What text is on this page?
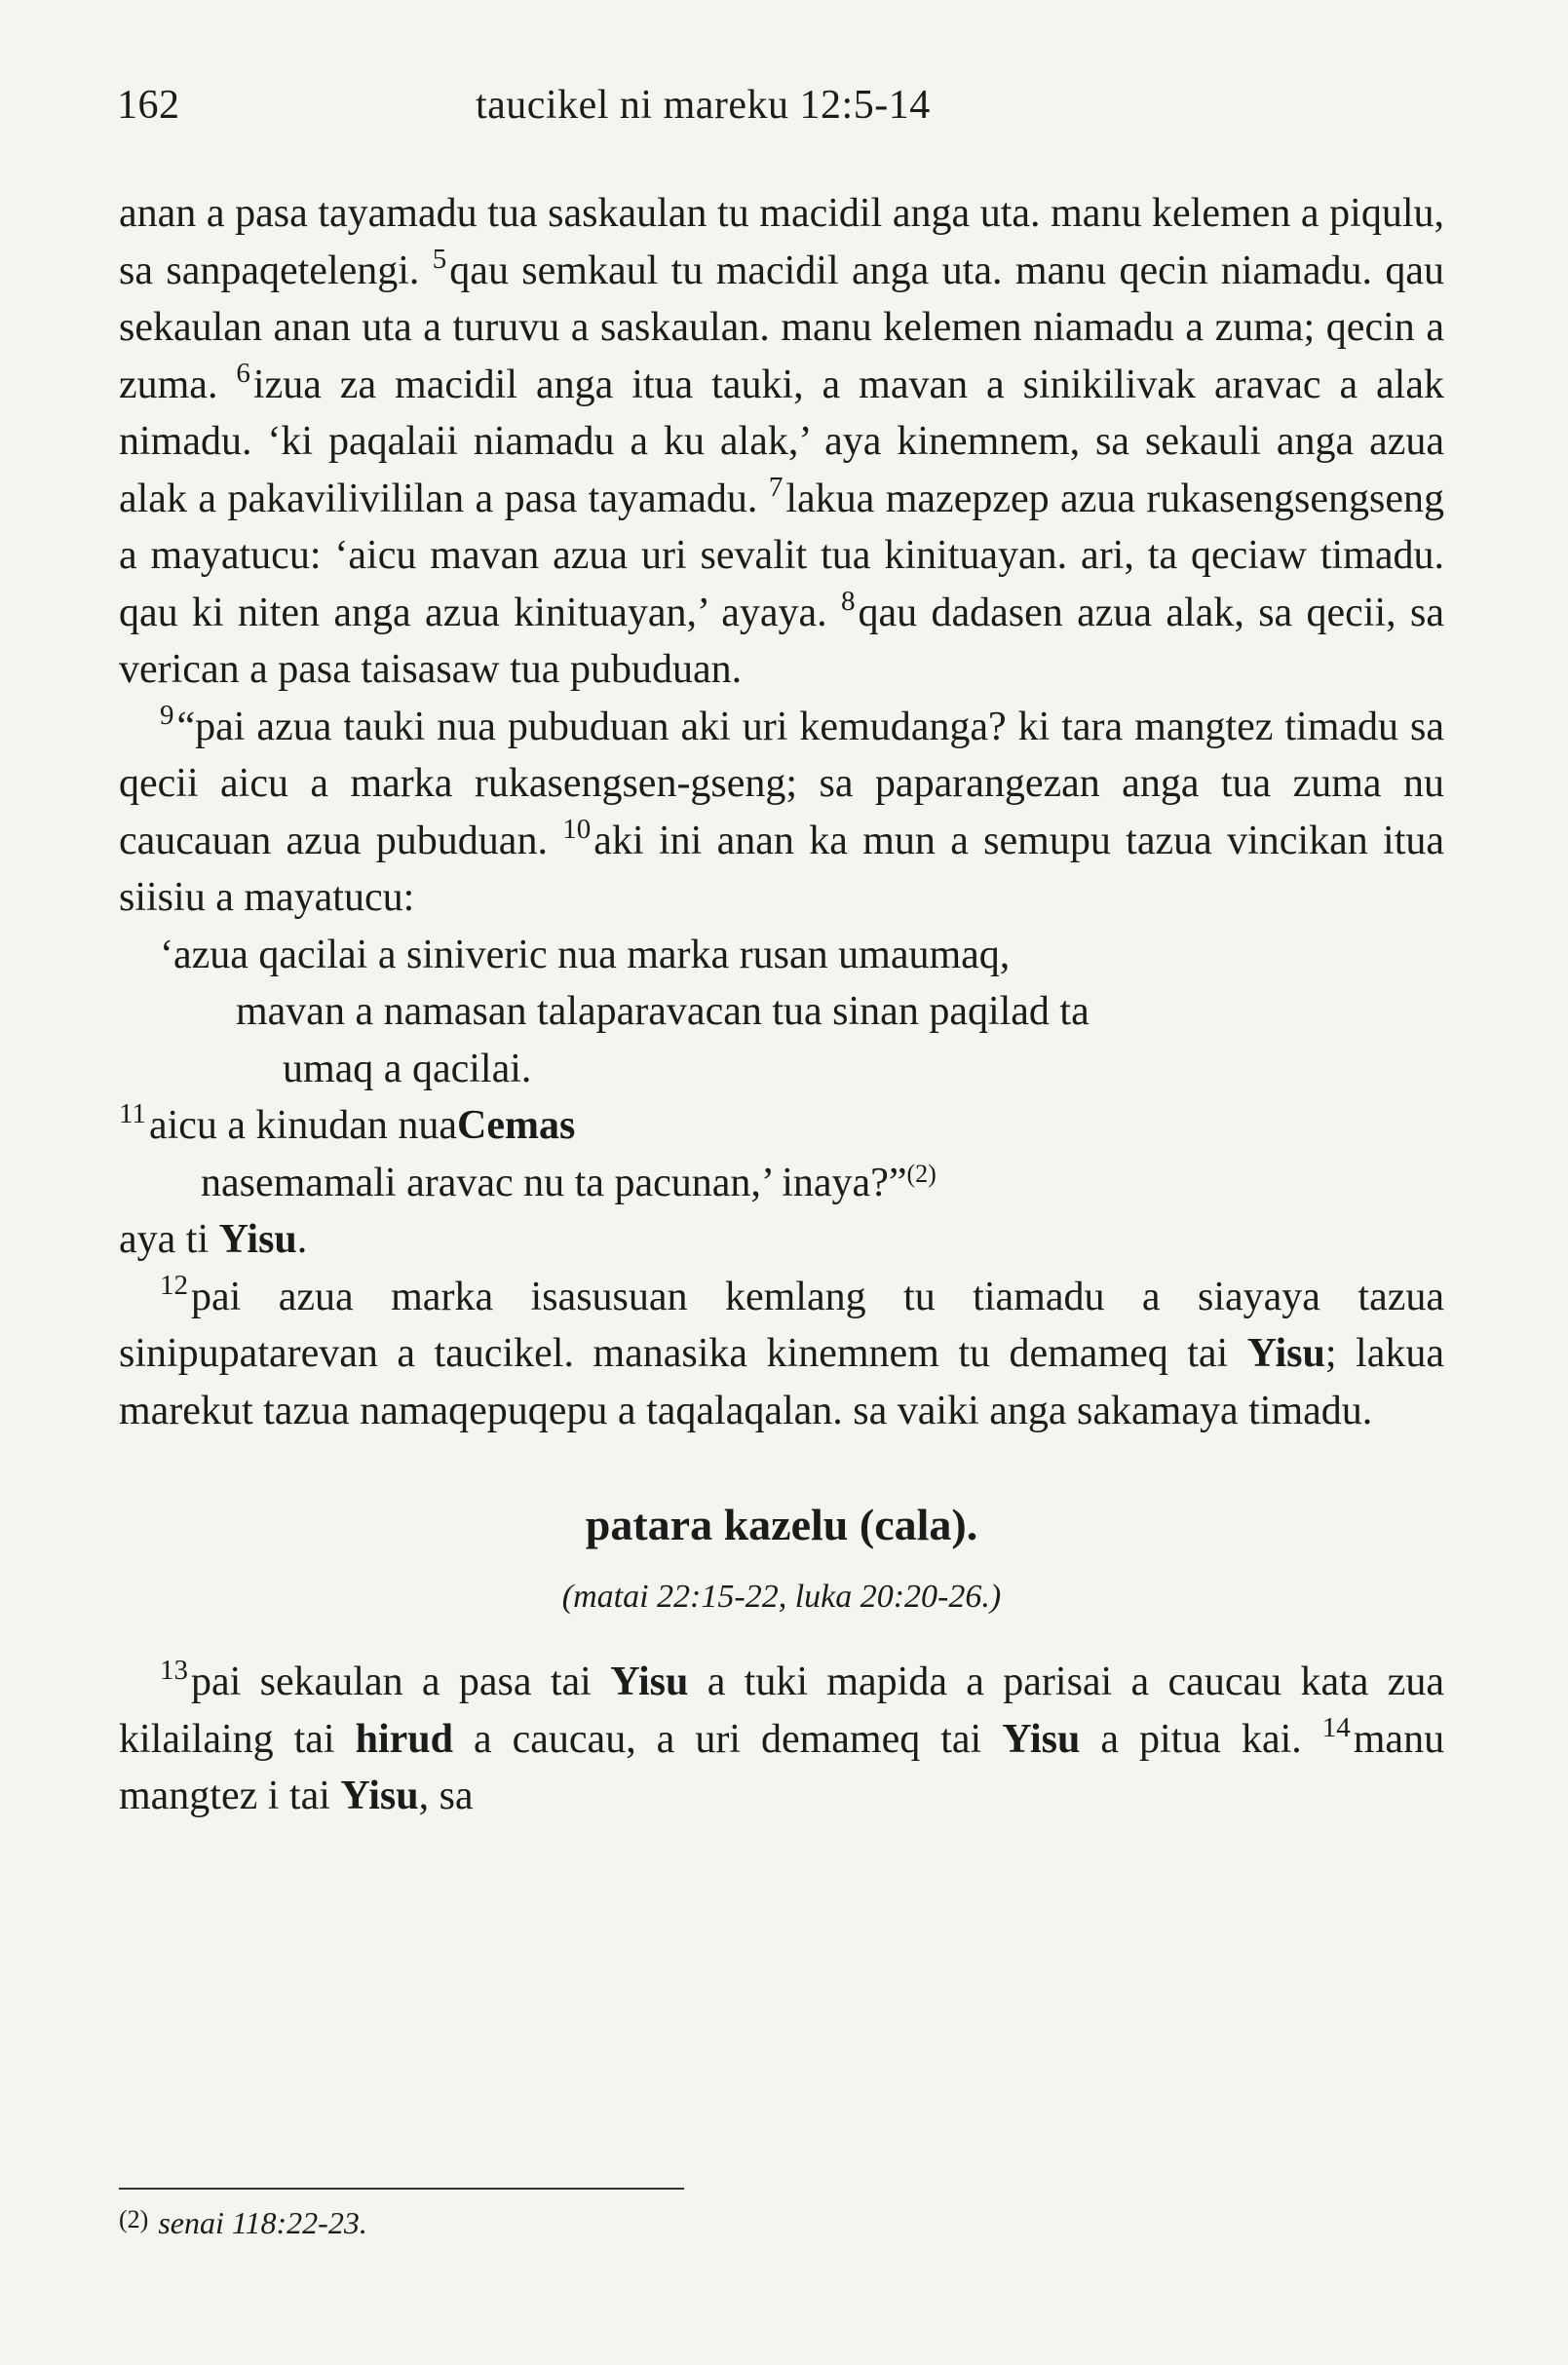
162	taucikel ni mareku 12:5-14

anan a pasa tayamadu tua saskaulan tu macidil anga uta. manu kelemen a piqulu, sa sanpaqetelengi. $^5$qau semkaul tu macidil anga uta. manu qecin niamadu. qau sekaulan anan uta a turuvu a saskaulan. manu kelemen niamadu a zuma; qecin a zuma. $^6$izua za macidil anga itua tauki, a mavan a sinikilivak aravac a alak nimadu. ‘ki paqalaii niamadu a ku alak,’ aya kinemnem, sa sekauli anga azua alak a pakavilivililan a pasa tayamadu. $^7$lakua mazepzep azua rukasengsengseng a mayatucu: ‘aicu mavan azua uri sevalit tua kinituayan. ari, ta qeciaw timadu. qau ki niten anga azua kinituayan,’ ayaya. $^8$qau dadasen azua alak, sa qecii, sa verican a pasa taisasaw tua pubuduan.

$^9$“pai azua tauki nua pubuduan aki uri kemudanga? ki tara mangtez timadu sa qecii aicu a marka rukasengsen-gseng; sa paparangezan anga tua zuma nu caucauan azua pubuduan. $^{10}$aki ini anan ka mun a semupu tazua vincikan itua siisiu a mayatucu:

‘azua qacilai a siniveric nua marka rusan umaumaq,
mavan a namasan talaparavacan tua sinan paqilad ta
umaq a qacilai.
$^{11}$aicu a kinudan nuaCemas
nasemamali aravac nu ta pacunan,’ inaya?”$^{(2)}$
aya ti Yisu.

$^{12}$pai azua marka isasusuan kemlang tu tiamadu a siayaya tazua sinipupatarevan a taucikel. manasika kinemnem tu demameq tai Yisu; lakua marekut tazua namaqepuqepu a taqalaqalan. sa vaiki anga sakamaya timadu.

patara kazelu (cala).
(matai 22:15-22, luka 20:20-26.)

$^{13}$pai sekaulan a pasa tai Yisu a tuki mapida a parisai a caucau kata zua kilailaing tai hirud a caucau, a uri demameq tai Yisu a pitua kai. $^{14}$manu mangtez i tai Yisu, sa

(2) senai 118:22-23.
